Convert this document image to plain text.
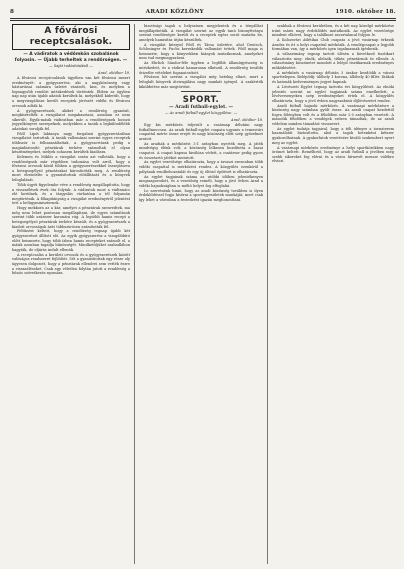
8	ARADI KÖZLÖNY	1910. október 18.
A fővárosi receptcsalások.

— A vádiratok a védőmkön szobalánok

folyosin. — Újabb terheltek a rendőrségen. —

— Saját tudósítónktól —

Arad, október 18.

A fővárosi receptcsalások ügyében van két fővárosi ismert eredményét: a gyógyszerész, aki a nagyközönség vagy háztartásai számára üzletet vásárolt, kiss, és melyben a legnagyobb rendőri intézkedések történtek. Ebben az ügyben nap nap után újabb adatok kerültek ki, melyekből kiderült, hogy a megvizsgálásra került receptek jórészét vidéki és fővárosi orvosok adták ki.

A gyógyszerészek, akiket a rendőrség gyanúsít, megkísérelték a vizsgálatot megakasztani, azonban ez nem sikerült. Egyik-másik vádiratban már a rendőrségnek hosszú jegyzőkönyvei szerepelnek, melyekben a tanúk a legkülönfélébb adatokat sorolják fel.

Fődl Lipót laktanya nagy forgalmú gyógyszertárában vizsgálatot tartottak. A tanúk vallomásai szerint egyes receptek többször is felhasználtattak, a gyógyszertárak pedig a magánbiztosító pénztárak terhére számoltak el olyan készítményeket, melyek sohasem kerültek kiadásra.

Kelemen és Miklós a vizsgálat során azt vallották, hogy a rendőrségnek már régebben tudomása volt arról, hogy a fővárosi orvosok közül többen a gyógyszerészekkel összejátszva a betegsegélyző pénztárakat károsították meg. A rendőrség most elrendelte a gyanúsítottak előállítását és a könyvek lefoglalását.

Több ügyét figyelembe véve a rendőrség megállapította, hogy a visszaélések évek óta folytak. A vádiratok most a vádtanács elé kerülnek, és a tárgyalás várhatóan a tél folyamán megtörténik. A főkapitányság a vizsgálat eredményéről jelentést tett a belügyminiszternek.

Hogy mekkora az a kár, amelyet a pénztárak szenvedtek, ma még nem lehet pontosan megállapítani, de egyes számítások szerint több százezer koronára rúg. A legtöbb hamis recept a betegsegélyző pénztárak terhére készült, és a gyógyszerészek a kiadott orvosságok árát többszörösen számították fel.

Feltűnést keltett, hogy a rendőrség tegnap újabb két gyógyszerészt állított elő. Az egyik gyógyszerész a vizsgálóbíró előtt beismerte, hogy több ízben hamis recepteket számolt el, a másik azonban tagadja bűnösségét. Mindkettőjüket szabadlábon hagyták, de eljárás indult ellenük.

A receptcsalás a kerületi orvosok és a gyógyszerészek között valóságos rendszerré fejlődött. Sőt a gyanúsítottak egy része oly ügyesen dolgozott, hogy a pénztárak ellenőrei sem vették észre a visszaéléseket. Csak egy véletlen folytán jutott a rendőrség a bűnös szövetkezés nyomára.

bizottsági tagok a helyszínen megjelentek és a tényállást megállapították. A vizsgálat szerint az egyik tanú bizonyítványa szerint rendőrségre került és a receptek egész sorát mutatta be, amelyek hamisítás útján készültek.

A vizsgálat kiterjed Fődl és Társa üzletére, ahol Deutsch, Schlesinger és Fuchs kereskedők vallomást tettek. Fődl maga is beismerte, hogy a könyvekben hiányok mutatkoznak, amelyeket nem tud megmagyarázni.

Az Ehrlich Sándor-féle ügyben a legfőbb államügyészség is intézkedett, és a vádirat hamarosan elkészül. A rendőrség további őrizetbe vételeket foganatosított.

Fővárosi hír szerint a vizsgálat még hetekig eltart, mert a lefoglalt könyvek átvizsgálása nagy munkát igényel. A szakértők kiküldetése már megtörtént.

SPORT.

— Aradi futball-egylet. —

— Az aradi futball-egylet közgyűlése. —

Arad, október 18.

Egy kis mérkőzés teljesült a vasárnap délutáni nagy futballmeccsen. Az aradi futball-egylet csapata ugyanis a temesvári csapattal mérte össze erejét és nagy közönség előtt szép győzelmet aratott.

Az aradiak a mérkőzést 3:1 arányban nyerték meg. A játék mindvégig élénk volt, a közönség lelkesen buzdította a hazai csapatot. A csapat kapusa kiválóan védett, a csatársor pedig gyors és összetartó játékot mutatott.

Az egylet vezetősége elhatározta, hogy a tavaszi szezonban több vidéki csapattal is mérkőzést rendez. A közgyűlés ezenkívül a pályának rendbehozatalát és egy új öltöző építését is elhatározta.

Az egylet tagjainak száma az utóbbi időben jelentékenyen megszaporodott, és a vezetőség reméli, hogy a jövő évben Arad a vidéki bajnokságban is méltó helyet fog elfoglalni.

Le szeretnénk hinni, hogy az aradi közönség továbbra is ilyen érdeklődéssel fogja kísérni a sportegyesületek munkáját, mert csak így lehet a városban a testedzést igazán meghonosítani.

szabbak a fővárosi kerületben, és a két nap közelgő mérkőzése iránt máris nagy érdeklődés mutatkozik. Az egylet vezetősége mindent elkövet, hogy a találkozó zavartalanul folyjon le.

A Kolozsvári Atlétikai Club csapata a jövő vasárnap érkezik Aradra és itt a helyi csapattal mérkőzik. A vendégcsapat a legjobb formában van, így a mérkőzés igen izgalmasnak ígérkezik.

A választmány tegnap tartott ülésén a következő tisztikart választotta meg: elnök, alelnök, titkár, pénztárnok és ellenőr. A választmány köszönetet mondott a lelépő tisztikarnak eredményes működéséért.

A mérkőzés a vasárnap délután 3 órakor kezdődik a városi sporttelepen. Belépődíj: ülőhely 1 korona, állóhely 40 fillér. Diákok és katonák kedvezményes jegyet kapnak.

A Lövészeti Egylet tegnap tartotta évi közgyűlését. Az elnöki jelentés szerint az egylet tagjainak száma emelkedett, a lövőversenyeken szép eredményeket értek el. A közgyűlés elhatározta, hogy a jövő évben nagyszabású díjlövészetet rendez.

Aradi futball bajnoki mérkőzés. A vasárnapi mérkőzésre a közönség nagy számban gyűlt össze. Az aradi csapat kezdettől fogva fölényben volt és a félidőben már 2:0 arányban vezetett. A második félidőben a vendégek erősen támadtak, de az aradi védelem minden támadást visszavert.

Az egylet tudatja tagjaival, hogy a téli idényre a tornaterem használatát biztosította, ahol a tagok hetenként kétszer gyakorolhatnak. A gyakorlatok vezetésére kiváló szakembert nyert meg az egylet.

A vasárnapi mérkőzés eredménye a helyi sportkörökben nagy örömet keltett. Remélhető, hogy az aradi futball a jövőben még szebb sikereket fog elérni és a város hírnevét messze vidékre elviszi.
